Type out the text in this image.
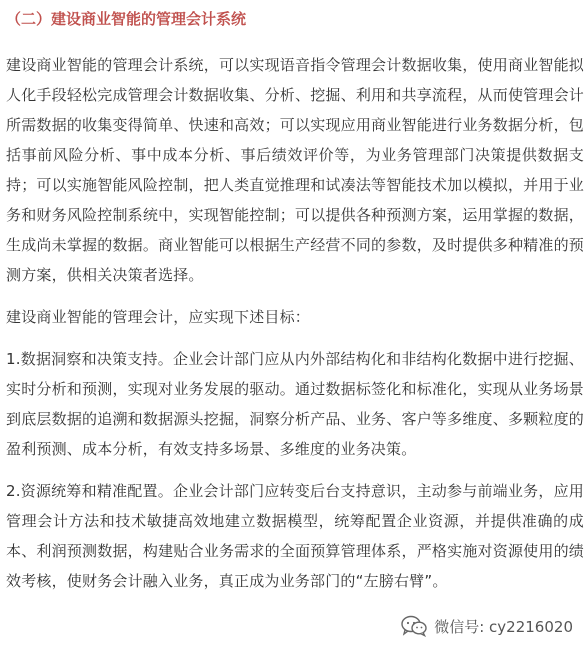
（二）建设商业智能的管理会计系统

建设商业智能的管理会计系统，可以实现语音指令管理会计数据收集，使用商业智能拟人化手段轻松完成管理会计数据收集、分析、挖掘、利用和共享流程，从而使管理会计所需数据的收集变得简单、快速和高效；可以实现应用商业智能进行业务数据分析，包括事前风险分析、事中成本分析、事后绩效评价等，为业务管理部门决策提供数据支持；可以实施智能风险控制，把人类直觉推理和试凑法等智能技术加以模拟，并用于业务和财务风险控制系统中，实现智能控制；可以提供各种预测方案，运用掌握的数据，生成尚未掌握的数据。商业智能可以根据生产经营不同的参数，及时提供多种精准的预测方案，供相关决策者选择。

建设商业智能的管理会计，应实现下述目标：

1.数据洞察和决策支持。企业会计部门应从内外部结构化和非结构化数据中进行挖掘、实时分析和预测，实现对业务发展的驱动。通过数据标签化和标准化，实现从业务场景到底层数据的追溯和数据源头挖掘，洞察分析产品、业务、客户等多维度、多颗粒度的盈利预测、成本分析，有效支持多场景、多维度的业务决策。

2.资源统筹和精准配置。企业会计部门应转变后台支持意识，主动参与前端业务，应用管理会计方法和技术敏捷高效地建立数据模型，统筹配置企业资源，并提供准确的成本、利润预测数据，构建贴合业务需求的全面预算管理体系，严格实施对资源使用的绩效考核，使财务会计融入业务，真正成为业务部门的“左膀右臂”。

微信号: cy2216020
